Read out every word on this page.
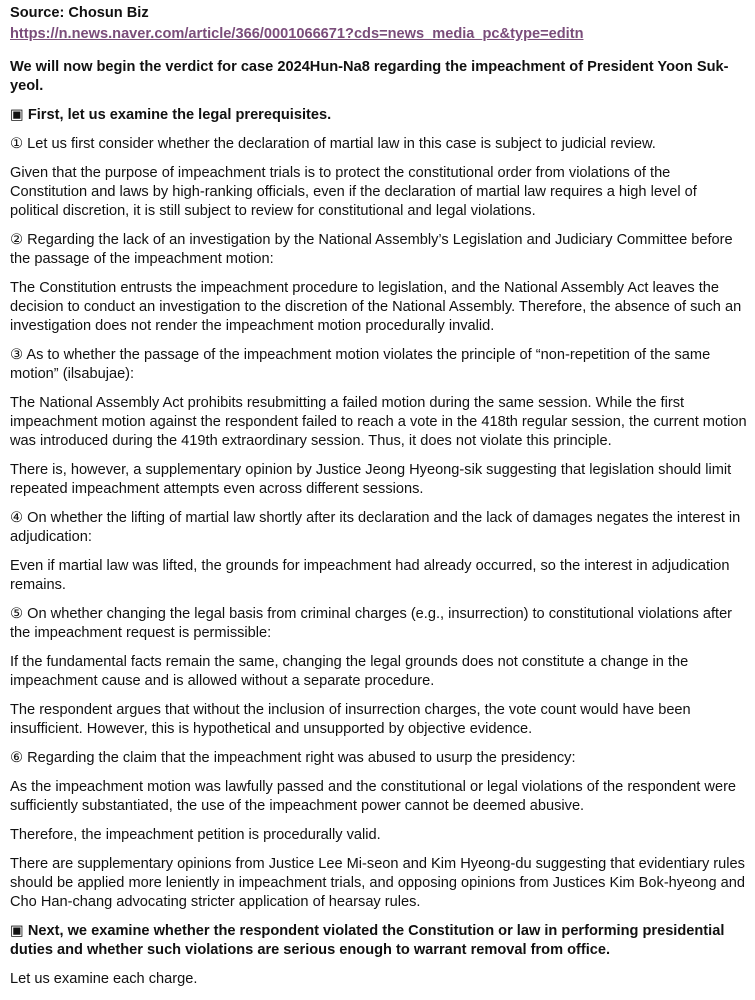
Source: Chosun Biz

https://n.news.naver.com/article/366/0001066671?cds=news_media_pc&type=editn

We will now begin the verdict for case 2024Hun-Na8 regarding the impeachment of President Yoon Suk-yeol.

▣ First, let us examine the legal prerequisites.

① Let us first consider whether the declaration of martial law in this case is subject to judicial review.

Given that the purpose of impeachment trials is to protect the constitutional order from violations of the Constitution and laws by high-ranking officials, even if the declaration of martial law requires a high level of political discretion, it is still subject to review for constitutional and legal violations.

② Regarding the lack of an investigation by the National Assembly’s Legislation and Judiciary Committee before the passage of the impeachment motion:

The Constitution entrusts the impeachment procedure to legislation, and the National Assembly Act leaves the decision to conduct an investigation to the discretion of the National Assembly. Therefore, the absence of such an investigation does not render the impeachment motion procedurally invalid.

③ As to whether the passage of the impeachment motion violates the principle of “non-repetition of the same motion” (ilsabujae):

The National Assembly Act prohibits resubmitting a failed motion during the same session. While the first impeachment motion against the respondent failed to reach a vote in the 418th regular session, the current motion was introduced during the 419th extraordinary session. Thus, it does not violate this principle.

There is, however, a supplementary opinion by Justice Jeong Hyeong-sik suggesting that legislation should limit repeated impeachment attempts even across different sessions.

④ On whether the lifting of martial law shortly after its declaration and the lack of damages negates the interest in adjudication:

Even if martial law was lifted, the grounds for impeachment had already occurred, so the interest in adjudication remains.

⑤ On whether changing the legal basis from criminal charges (e.g., insurrection) to constitutional violations after the impeachment request is permissible:

If the fundamental facts remain the same, changing the legal grounds does not constitute a change in the impeachment cause and is allowed without a separate procedure.

The respondent argues that without the inclusion of insurrection charges, the vote count would have been insufficient. However, this is hypothetical and unsupported by objective evidence.

⑥ Regarding the claim that the impeachment right was abused to usurp the presidency:

As the impeachment motion was lawfully passed and the constitutional or legal violations of the respondent were sufficiently substantiated, the use of the impeachment power cannot be deemed abusive.

Therefore, the impeachment petition is procedurally valid.

There are supplementary opinions from Justice Lee Mi-seon and Kim Hyeong-du suggesting that evidentiary rules should be applied more leniently in impeachment trials, and opposing opinions from Justices Kim Bok-hyeong and Cho Han-chang advocating stricter application of hearsay rules.

▣ Next, we examine whether the respondent violated the Constitution or law in performing presidential duties and whether such violations are serious enough to warrant removal from office.

Let us examine each charge.
